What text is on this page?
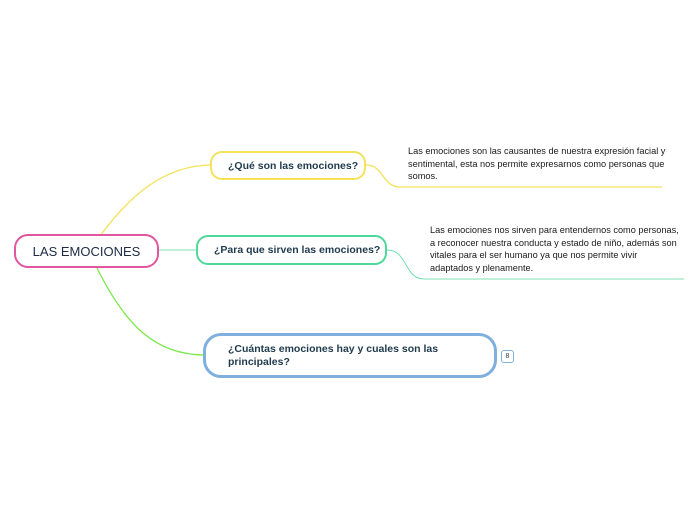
LAS EMOCIONES
¿Qué son las emociones?
Las emociones son las causantes de nuestra expresión facial y sentimental, esta nos permite expresarnos como personas que somos.
¿Para que sirven las emociones?
Las emociones nos sirven para entendernos como personas, a reconocer nuestra conducta y estado de niño, además son vitales para el ser humano ya que nos permite vivir adaptados y plenamente.
¿Cuántas emociones hay y cuales son las principales?	8
